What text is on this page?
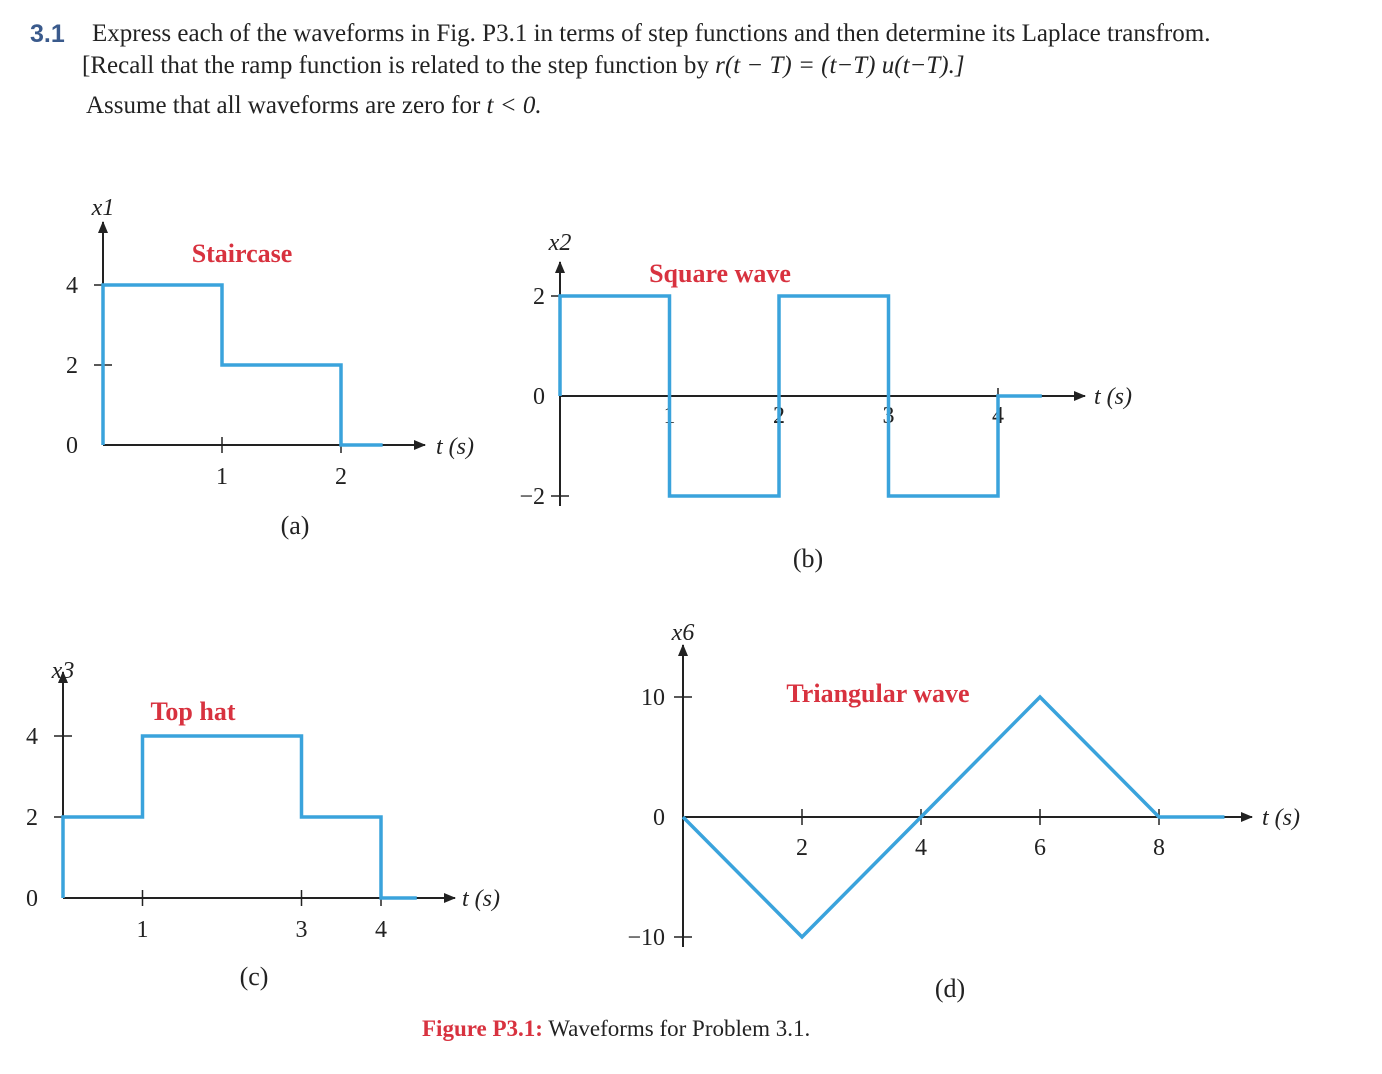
3.1 Express each of the waveforms in Fig. P3.1 in terms of step functions and then determine its Laplace transfrom.
[Recall that the ramp function is related to the step function by r(t − T) = (t−T) u(t−T).]
Assume that all waveforms are zero for t < 0.
1	2
4
2
0
Staircase
x1
t (s)
(a)
1	2	3	4
2
0
−2
Square wave
x2
t (s)
(b)
1	3	4
4
2
0
Top hat
x3
t (s)
(c)
2	4	6	8
10
0
−10
Triangular wave
x6
t (s)
(d)
Figure P3.1: Waveforms for Problem 3.1.
